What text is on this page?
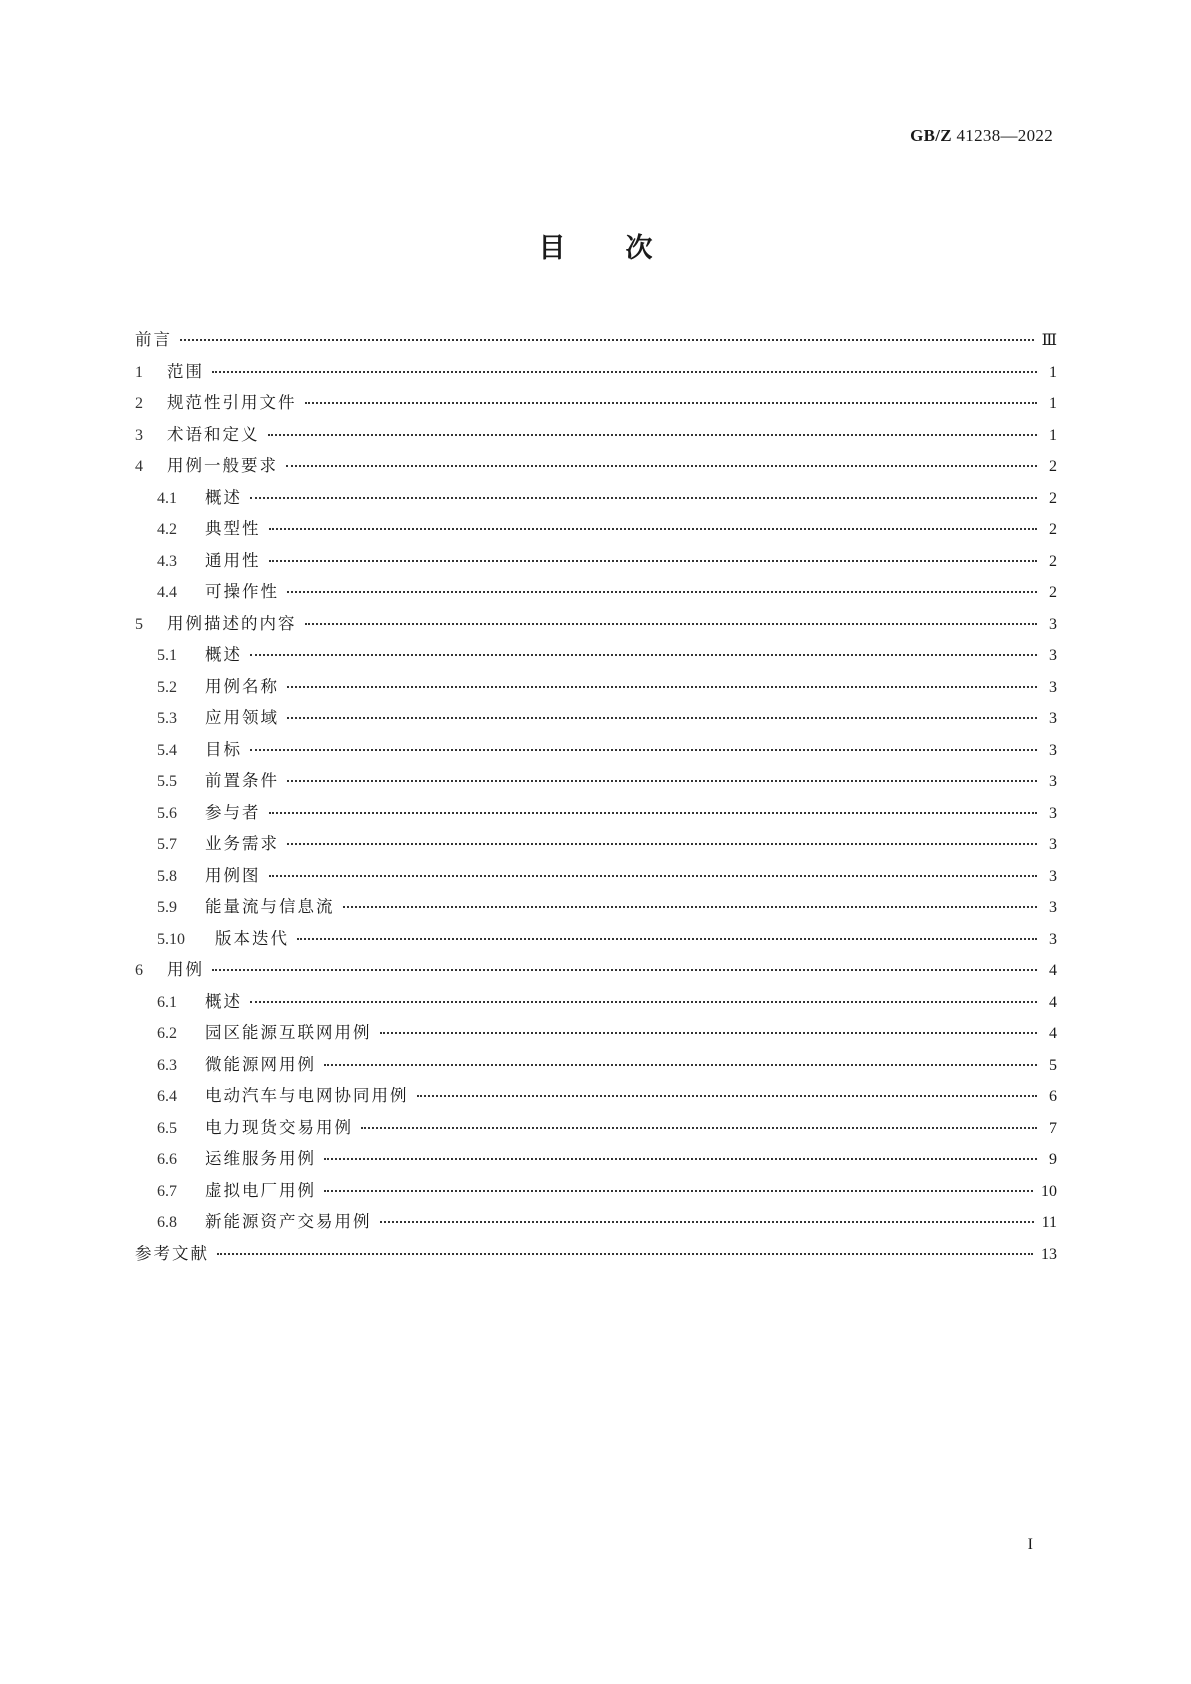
GB/Z 41238—2022
目次
前言	Ⅲ
1	范围	1
2	规范性引用文件	1
3	术语和定义	1
4	用例一般要求	2
4.1	概述	2
4.2	典型性	2
4.3	通用性	2
4.4	可操作性	2
5	用例描述的内容	3
5.1	概述	3
5.2	用例名称	3
5.3	应用领域	3
5.4	目标	3
5.5	前置条件	3
5.6	参与者	3
5.7	业务需求	3
5.8	用例图	3
5.9	能量流与信息流	3
5.10	版本迭代	3
6	用例	4
6.1	概述	4
6.2	园区能源互联网用例	4
6.3	微能源网用例	5
6.4	电动汽车与电网协同用例	6
6.5	电力现货交易用例	7
6.6	运维服务用例	9
6.7	虚拟电厂用例	10
6.8	新能源资产交易用例	11
参考文献	13
I
